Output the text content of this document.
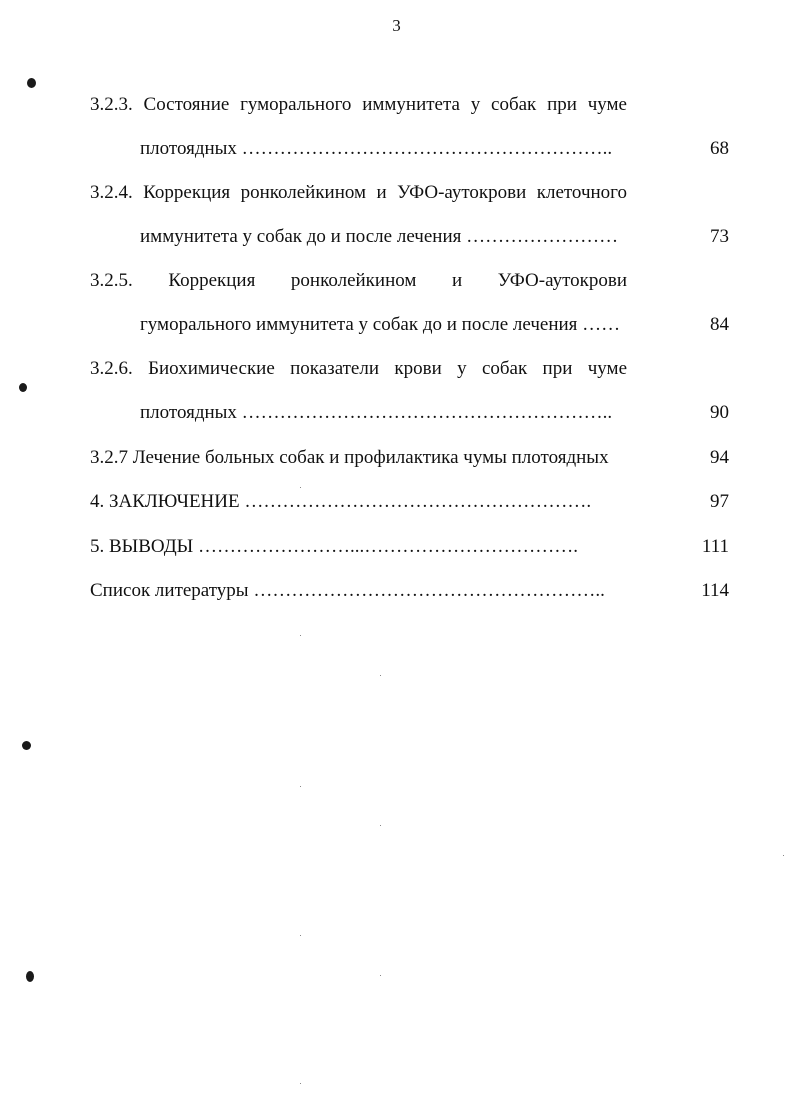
3
3.2.3. Состояние гуморального иммунитета у собак при чуме
плотоядных …………………………………………………..	68
3.2.4. Коррекция ронколейкином и УФО-аутокрови клеточного
иммунитета у собак до и после лечения ……………………	73
3.2.5. Коррекция ронколейкином и УФО-аутокрови
гуморального иммунитета у собак до и после лечения ……	84
3.2.6. Биохимические показатели крови у собак при чуме
плотоядных …………………………………………………..	90
3.2.7 Лечение больных собак и профилактика чумы плотоядных	94
4. ЗАКЛЮЧЕНИЕ ……………………………………………….	97
5. ВЫВОДЫ ……………………...…………………………….	111
Список литературы ………………………………………………..	114
